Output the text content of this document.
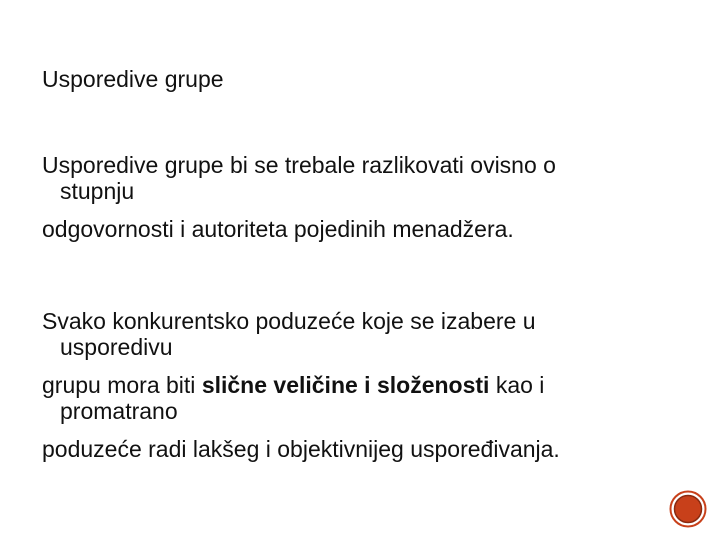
Usporedive grupe
Usporedive grupe bi se trebale razlikovati ovisno o
stupnju
odgovornosti i autoriteta pojedinih menadžera.
Svako konkurentsko poduzeće koje se izabere u
usporedivu
grupu mora biti slične veličine i složenosti kao i
promatrano
poduzeće radi lakšeg i objektivnijeg uspoređivanja.
